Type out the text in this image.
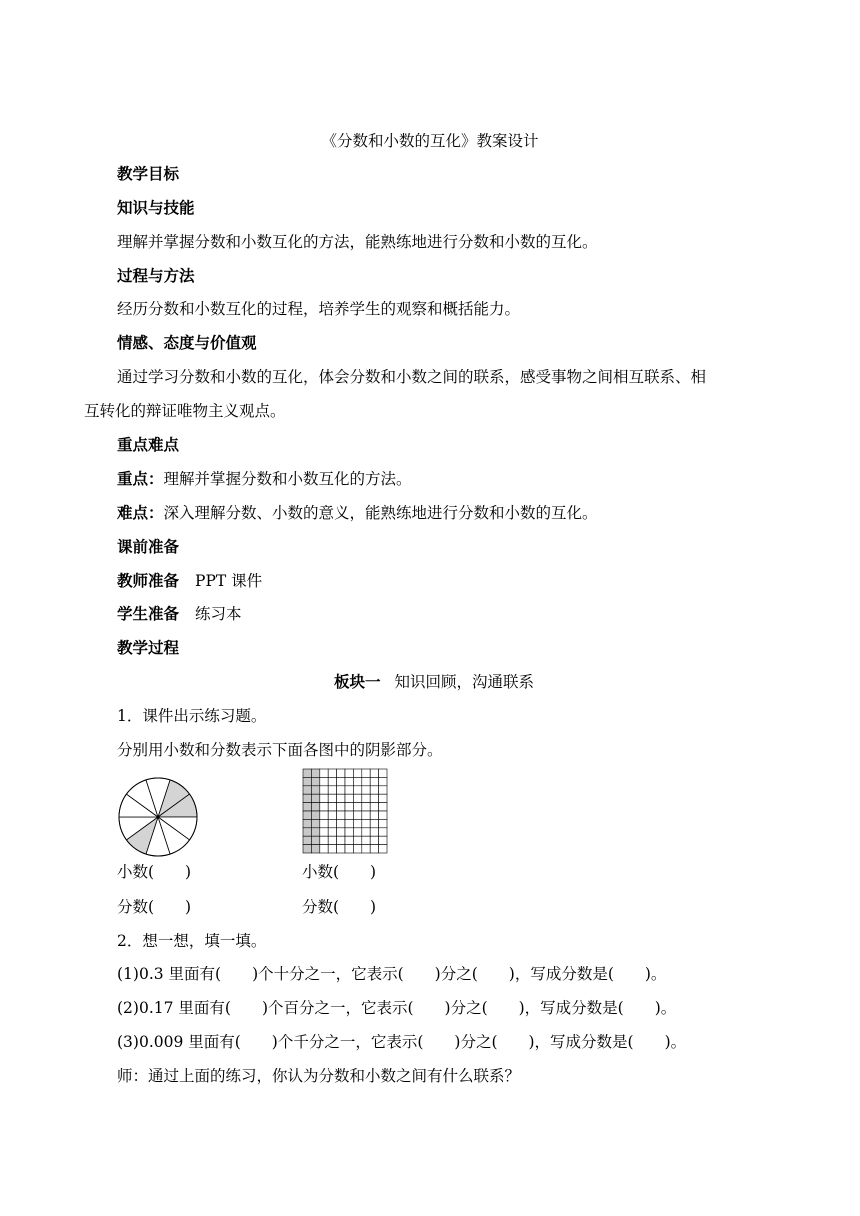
《分数和小数的互化》教案设计
教学目标
知识与技能
理解并掌握分数和小数互化的方法，能熟练地进行分数和小数的互化。
过程与方法
经历分数和小数互化的过程，培养学生的观察和概括能力。
情感、态度与价值观
通过学习分数和小数的互化，体会分数和小数之间的联系，感受事物之间相互联系、相
互转化的辩证唯物主义观点。
重点难点
重点：理解并掌握分数和小数互化的方法。
难点：深入理解分数、小数的意义，能熟练地进行分数和小数的互化。
课前准备
教师准备 PPT 课件
学生准备 练习本
教学过程
板块一 知识回顾，沟通联系
1．课件出示练习题。
分别用小数和分数表示下面各图中的阴影部分。
小数(　　)	小数(　　)
分数(　　)	分数(　　)
2．想一想，填一填。
(1)0.3 里面有(　　)个十分之一，它表示(　　)分之(　　)，写成分数是(　　)。
(2)0.17 里面有(　　)个百分之一，它表示(　　)分之(　　)，写成分数是(　　)。
(3)0.009 里面有(　　)个千分之一，它表示(　　)分之(　　)，写成分数是(　　)。
师：通过上面的练习，你认为分数和小数之间有什么联系？
